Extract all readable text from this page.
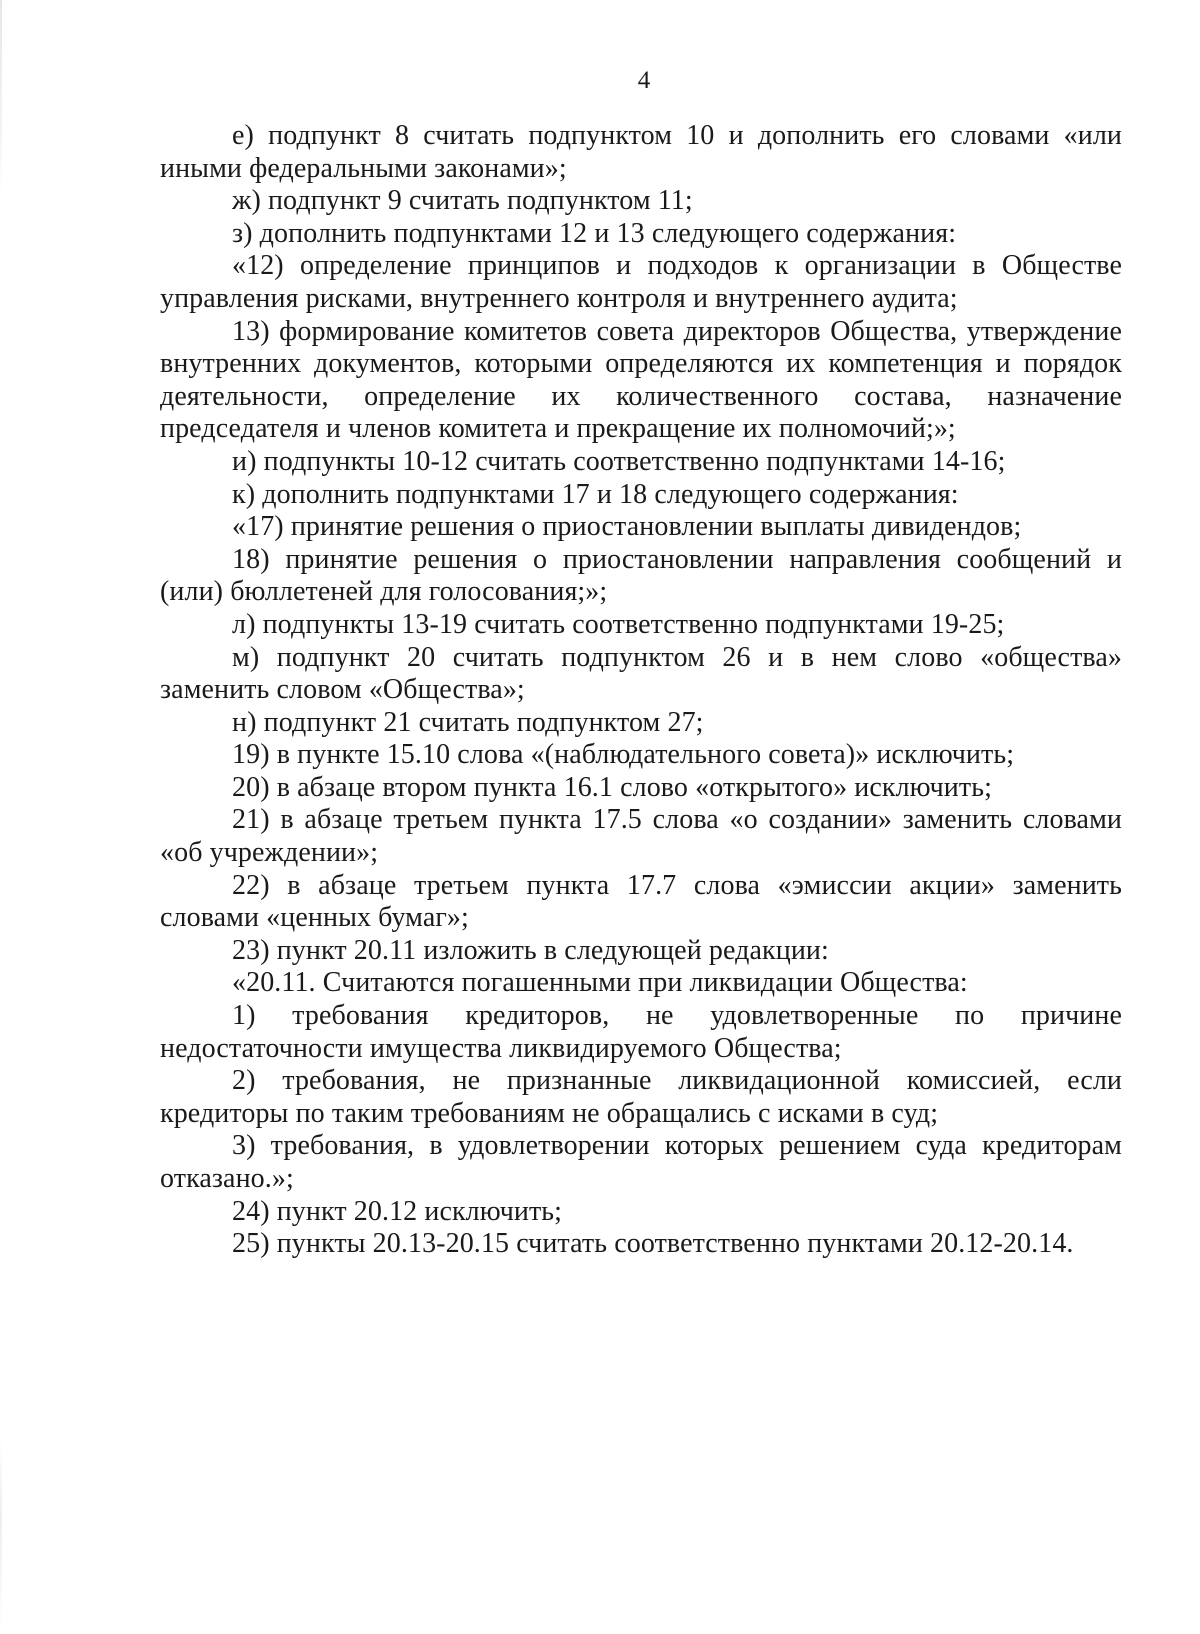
4

е) подпункт 8 считать подпунктом 10 и дополнить его словами «или иными федеральными законами»;

ж) подпункт 9 считать подпунктом 11;

з) дополнить подпунктами 12 и 13 следующего содержания:

«12) определение принципов и подходов к организации в Обществе управления рисками, внутреннего контроля и внутреннего аудита;

13) формирование комитетов совета директоров Общества, утверждение внутренних документов, которыми определяются их компетенция и порядок деятельности, определение их количественного состава, назначение председателя и членов комитета и прекращение их полномочий;»;

и) подпункты 10-12 считать соответственно подпунктами 14-16;

к) дополнить подпунктами 17 и 18 следующего содержания:

«17) принятие решения о приостановлении выплаты дивидендов;

18) принятие решения о приостановлении направления сообщений и (или) бюллетеней для голосования;»;

л) подпункты 13-19 считать соответственно подпунктами 19-25;

м) подпункт 20 считать подпунктом 26 и в нем слово «общества» заменить словом «Общества»;

н) подпункт 21 считать подпунктом 27;

19) в пункте 15.10 слова «(наблюдательного совета)» исключить;

20) в абзаце втором пункта 16.1 слово «открытого» исключить;

21) в абзаце третьем пункта 17.5 слова «о создании» заменить словами «об учреждении»;

22) в абзаце третьем пункта 17.7 слова «эмиссии акции» заменить словами «ценных бумаг»;

23) пункт 20.11 изложить в следующей редакции:

«20.11. Считаются погашенными при ликвидации Общества:

1) требования кредиторов, не удовлетворенные по причине недостаточности имущества ликвидируемого Общества;

2) требования, не признанные ликвидационной комиссией, если кредиторы по таким требованиям не обращались с исками в суд;

3) требования, в удовлетворении которых решением суда кредиторам отказано.»;

24) пункт 20.12 исключить;

25) пункты 20.13-20.15 считать соответственно пунктами 20.12-20.14.
